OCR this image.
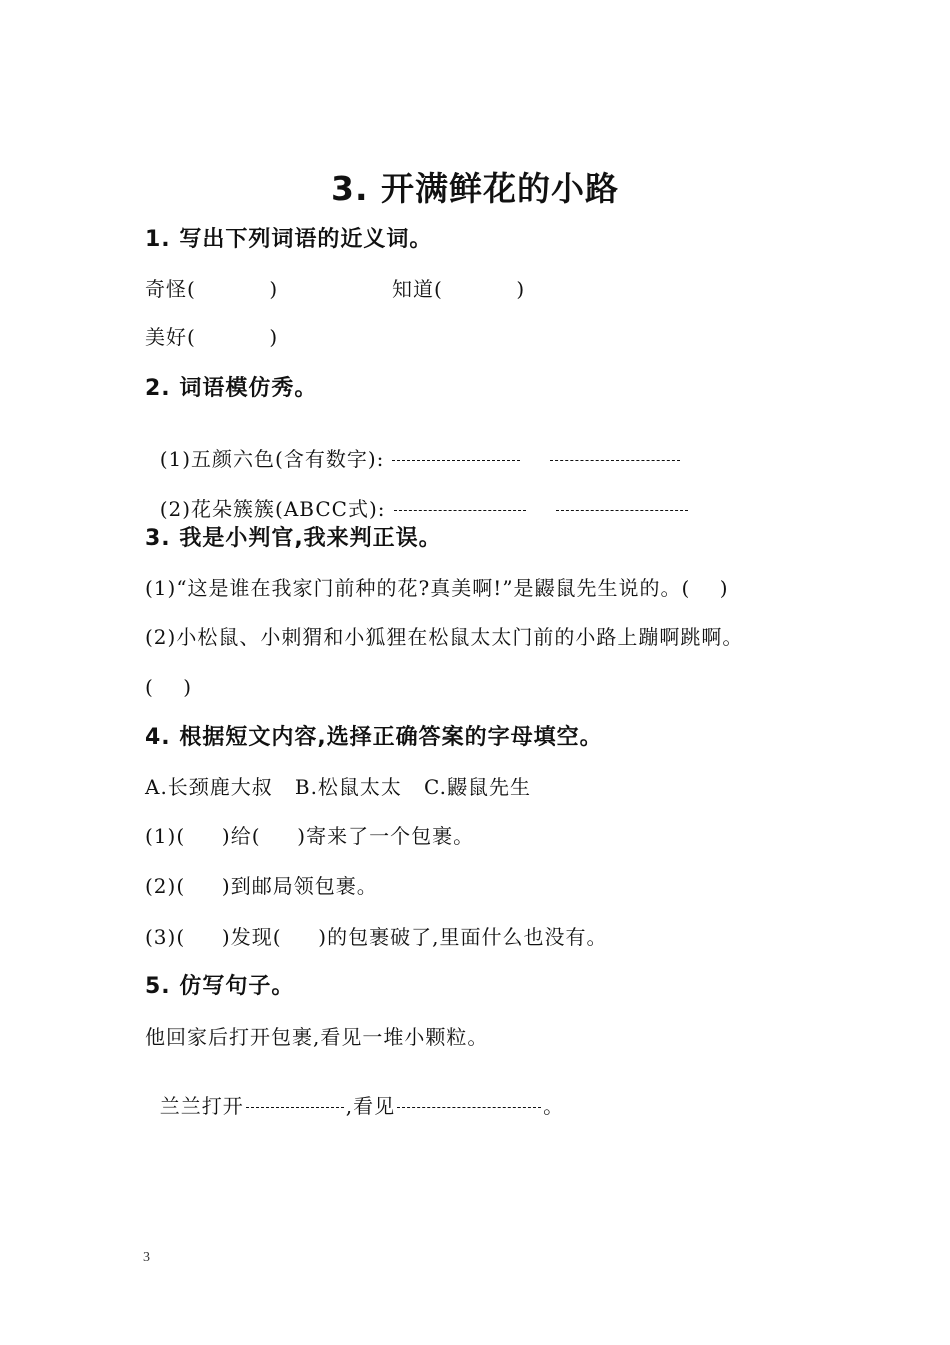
3. 开满鲜花的小路
1. 写出下列词语的近义词。
奇怪(          )	知道(          )
美好(          )
2. 词语模仿秀。

(1)五颜六色(含有数字):

(2)花朵簇簇(ABCC式):

3. 我是小判官,我来判正误。
(1)“这是谁在我家门前种的花?真美啊!”是鼹鼠先生说的。(    )
(2)小松鼠、小刺猬和小狐狸在松鼠太太门前的小路上蹦啊跳啊。
(    )
4. 根据短文内容,选择正确答案的字母填空。
A.长颈鹿大叔   B.松鼠太太   C.鼹鼠先生
(1)(     )给(     )寄来了一个包裹。
(2)(     )到邮局领包裹。
(3)(     )发现(     )的包裹破了,里面什么也没有。
5. 仿写句子。
他回家后打开包裹,看见一堆小颗粒。

兰兰打开	,看见	。

3
